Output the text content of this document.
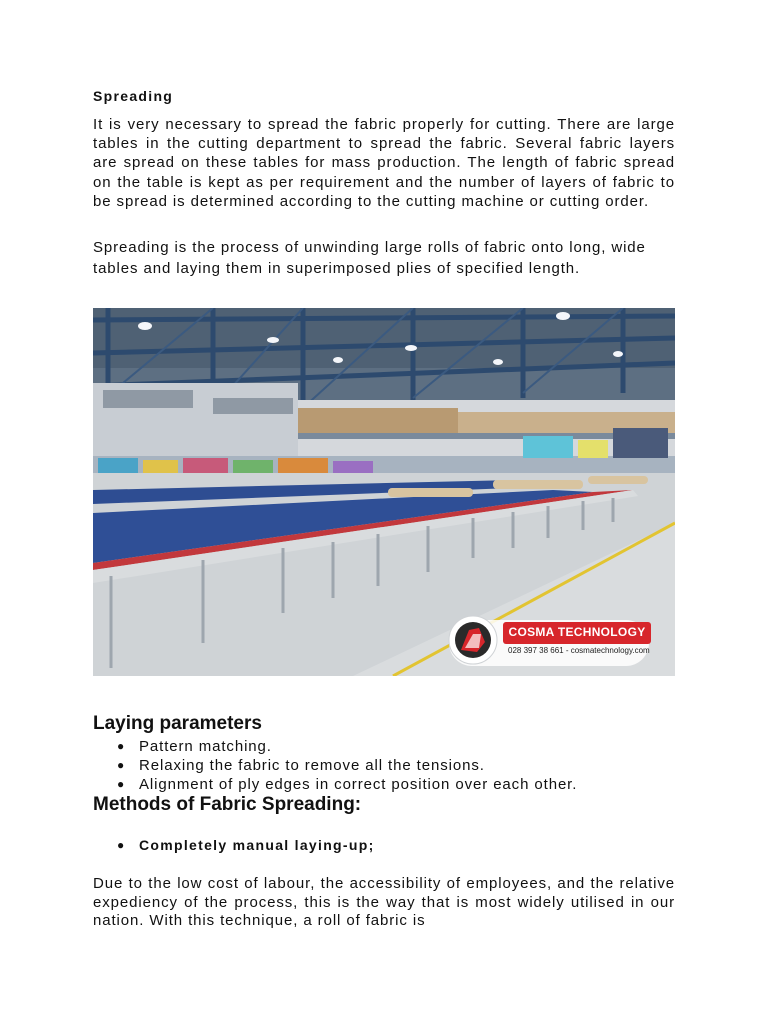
Spreading

It is very necessary to spread the fabric properly for cutting. There are large tables in the cutting department to spread the fabric. Several fabric layers are spread on these tables for mass production. The length of fabric spread on the table is kept as per requirement and the number of layers of fabric to be spread is determined according to the cutting machine or cutting order.

Spreading is the process of unwinding large rolls of fabric onto long, wide tables and laying them in superimposed plies of specified length.

COSMA TECHNOLOGY
028 397 38 661 - cosmatechnology.com
Laying parameters
● Pattern matching.
● Relaxing the fabric to remove all the tensions.
● Alignment of ply edges in correct position over each other.
Methods of Fabric Spreading:
● Completely manual laying-up;

Due to the low cost of labour, the accessibility of employees, and the relative expediency of the process, this is the way that is most widely utilised in our nation. With this technique, a roll of fabric is
